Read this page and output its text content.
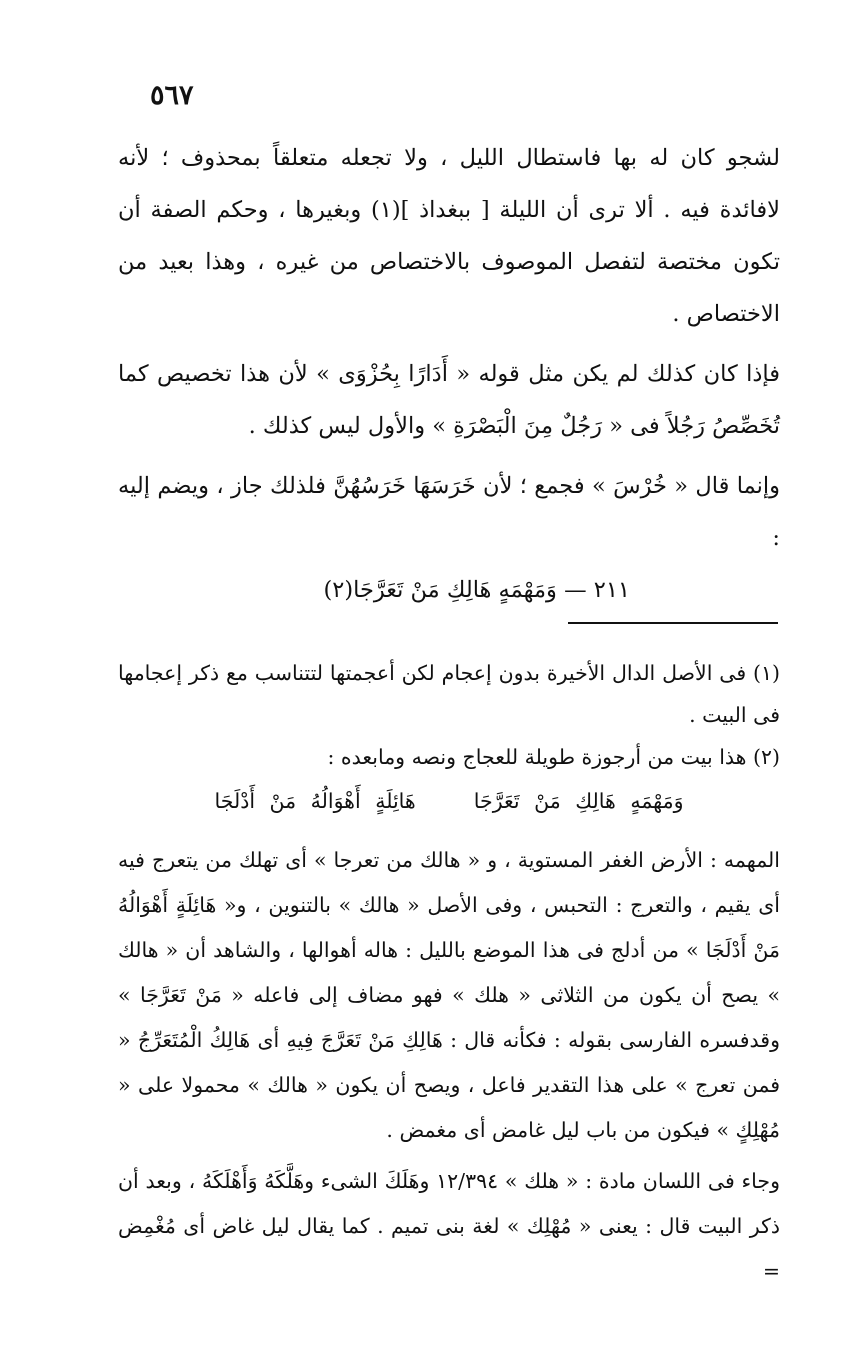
٥٦٧

لشجو كان له بها فاستطال الليل ، ولا تجعله متعلقاً بمحذوف ؛ لأنه لافائدة فيه . ألا ترى أن الليلة [ ببغداذ ](١) وبغيرها ، وحكم الصفة أن تكون مختصة لتفصل الموصوف بالاختصاص من غيره ، وهذا بعيد من الاختصاص .

فإذا كان كذلك لم يكن مثل قوله « أَدَارًا بِحُزْوَى » لأن هذا تخصيص كما تُخَصِّصُ رَجُلاً فى « رَجُلٌ مِنَ الْبَصْرَةِ » والأول ليس كذلك .

وإنما قال « خُرْسَ » فجمع ؛ لأن خَرَسَهَا خَرَسُهُنَّ فلذلك جاز ، ويضم إليه :

٢١١ — وَمَهْمَهٍ هَالِكِ مَنْ تَعَرَّجَا(٢)

(١) فى الأصل الدال الأخيرة بدون إعجام لكن أعجمتها لتتناسب مع ذكر إعجامها فى البيت .

(٢) هذا بيت من أرجوزة طويلة للعجاج ونصه ومابعده :

وَمَهْمَهٍ هَالِكِ مَنْ تَعَرَّجَا ‏ ‏ ‏ هَائِلَةٍ أَهْوَالُهُ مَنْ أَدْلَجَا

المهمه : الأرض الغفر المستوية ، و « هالك من تعرجا » أى تهلك من يتعرج فيه أى يقيم ، والتعرج : التحبس ، وفى الأصل « هالك » بالتنوين ، و« هَائِلَةٍ أَهْوَالُهُ مَنْ أَدْلَجَا » من أدلج فى هذا الموضع بالليل : هاله أهوالها ، والشاهد أن « هالك » يصح أن يكون من الثلاثى « هلك » فهو مضاف إلى فاعله « مَنْ تَعَرَّجَا » وقدفسره الفارسى بقوله : فكأنه قال : هَالِكِ مَنْ تَعَرَّجَ فِيهِ أى هَالِكُ الْمُتَعَرِّجُ « فمن تعرج » على هذا التقدير فاعل ، ويصح أن يكون « هالك » محمولا على « مُهْلِكٍ » فيكون من باب ليل غامض أى مغمض .

وجاء فى اللسان مادة : « هلك » ١٢/٣٩٤ وهَلَكَ الشىء وهَلَّكَهُ وَأَهْلَكَهُ ، وبعد أن ذكر البيت قال : يعنى « مُهْلِك » لغة بنى تميم . كما يقال ليل غاض أى مُغْمِض =
